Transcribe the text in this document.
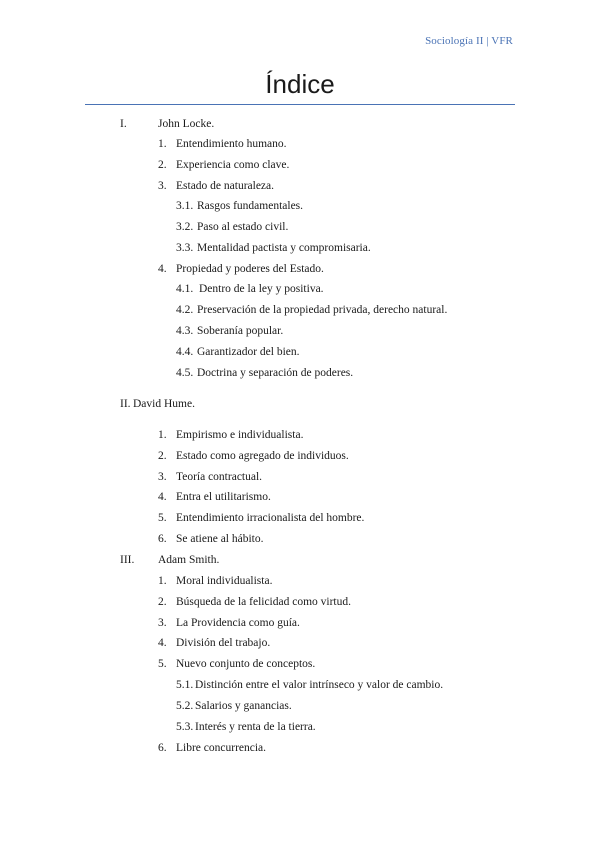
Sociología II | VFR
Índice
I.	John Locke.
1. Entendimiento humano.
2. Experiencia como clave.
3. Estado de naturaleza.
3.1. Rasgos fundamentales.
3.2. Paso al estado civil.
3.3. Mentalidad pactista y compromisaria.
4. Propiedad y poderes del Estado.
4.1. Dentro de la ley y positiva.
4.2. Preservación de la propiedad privada, derecho natural.
4.3. Soberanía popular.
4.4. Garantizador del bien.
4.5. Doctrina y separación de poderes.
II. David Hume.
1. Empirismo e individualista.
2. Estado como agregado de individuos.
3. Teoría contractual.
4. Entra el utilitarismo.
5. Entendimiento irracionalista del hombre.
6. Se atiene al hábito.
III. Adam Smith.
1. Moral individualista.
2. Búsqueda de la felicidad como virtud.
3. La Providencia como guía.
4. División del trabajo.
5. Nuevo conjunto de conceptos.
5.1. Distinción entre el valor intrínseco y valor de cambio.
5.2. Salarios y ganancias.
5.3. Interés y renta de la tierra.
6. Libre concurrencia.
